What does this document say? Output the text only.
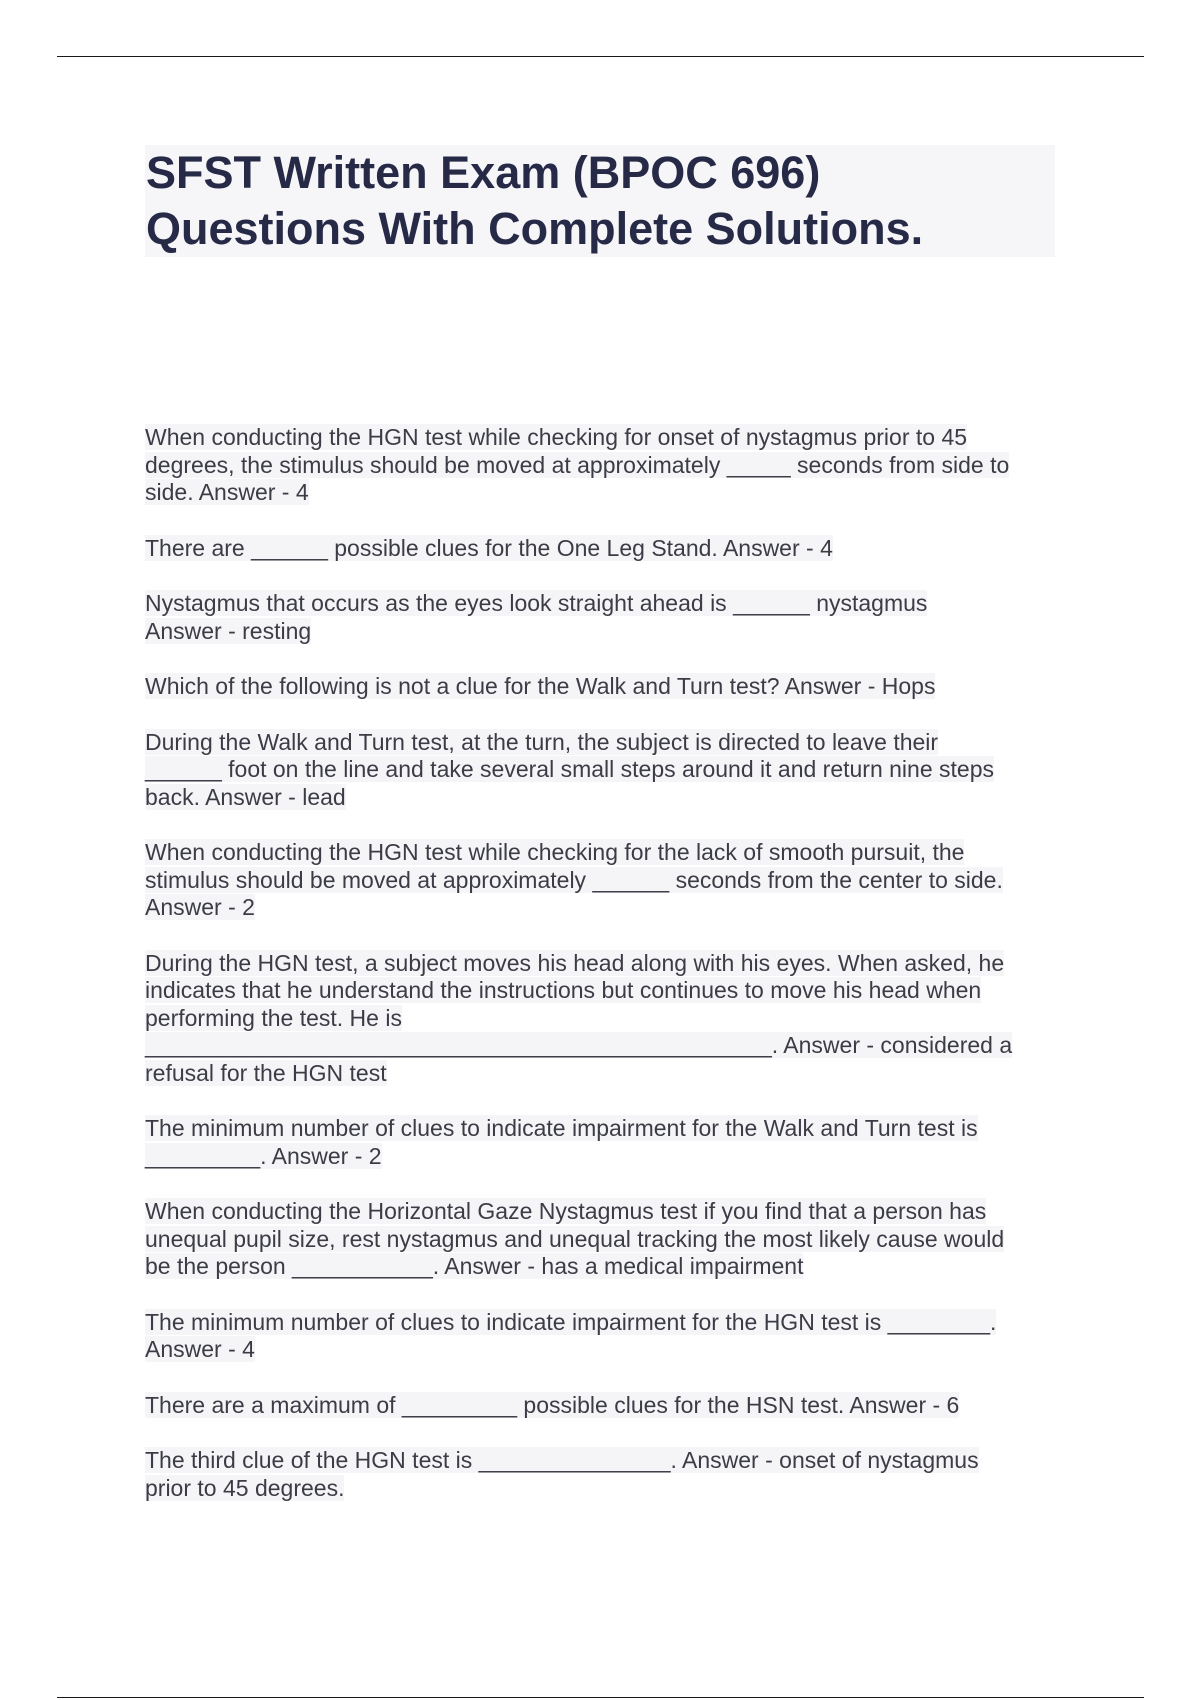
SFST Written Exam (BPOC 696)
Questions With Complete Solutions.

When conducting the HGN test while checking for onset of nystagmus prior to 45
degrees, the stimulus should be moved at approximately _____ seconds from side to
side. Answer - 4

There are ______ possible clues for the One Leg Stand. Answer - 4

Nystagmus that occurs as the eyes look straight ahead is ______ nystagmus
Answer - resting

Which of the following is not a clue for the Walk and Turn test? Answer - Hops

During the Walk and Turn test, at the turn, the subject is directed to leave their
______ foot on the line and take several small steps around it and return nine steps
back. Answer - lead

When conducting the HGN test while checking for the lack of smooth pursuit, the
stimulus should be moved at approximately ______ seconds from the center to side.
Answer - 2

During the HGN test, a subject moves his head along with his eyes. When asked, he
indicates that he understand the instructions but continues to move his head when
performing the test. He is
_________________________________________________. Answer - considered a
refusal for the HGN test

The minimum number of clues to indicate impairment for the Walk and Turn test is
_________. Answer - 2

When conducting the Horizontal Gaze Nystagmus test if you find that a person has
unequal pupil size, rest nystagmus and unequal tracking the most likely cause would
be the person ___________. Answer - has a medical impairment

The minimum number of clues to indicate impairment for the HGN test is ________.
Answer - 4

There are a maximum of _________ possible clues for the HSN test. Answer - 6

The third clue of the HGN test is _______________. Answer - onset of nystagmus
prior to 45 degrees.
